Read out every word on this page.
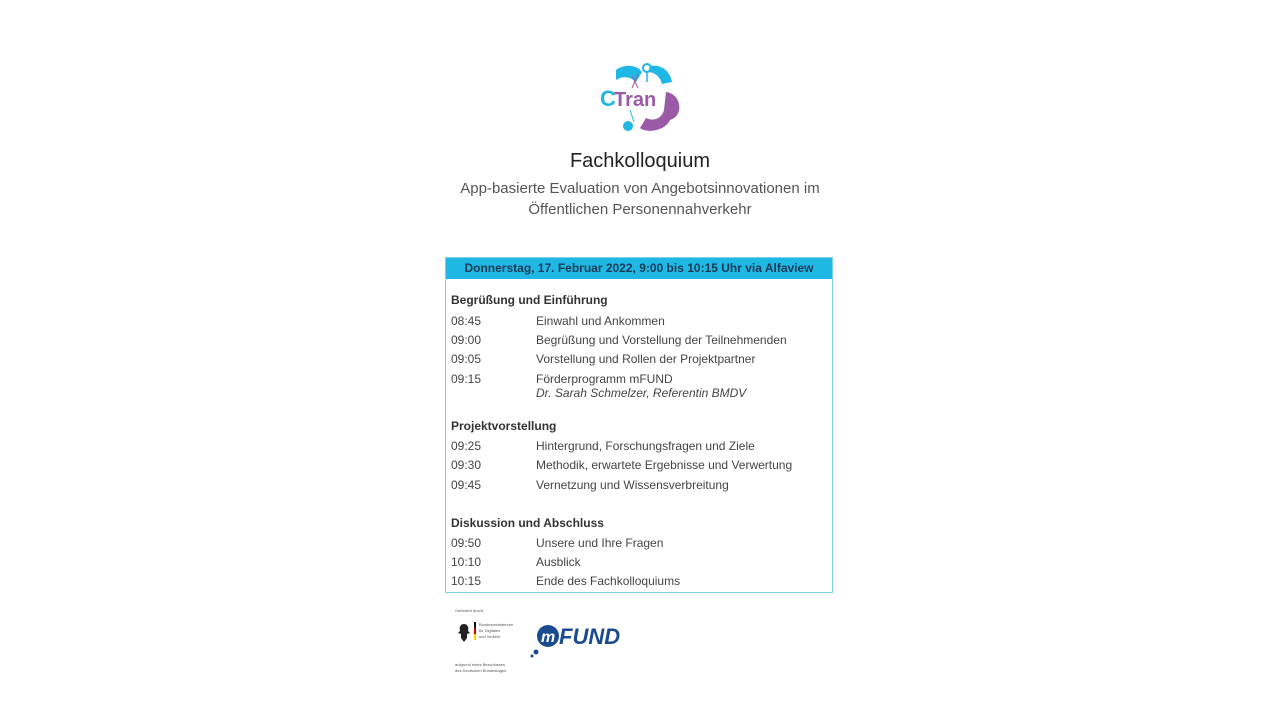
C
Tran
Fachkolloquium
App-basierte Evaluation von Angebotsinnovationen im
Öffentlichen Personennahverkehr
Donnerstag, 17. Februar 2022, 9:00 bis 10:15 Uhr via Alfaview
Begrüßung und Einführung
08:45	Einwahl und Ankommen
09:00	Begrüßung und Vorstellung der Teilnehmenden
09:05	Vorstellung und Rollen der Projektpartner
09:15	Förderprogramm mFUND
Dr. Sarah Schmelzer, Referentin BMDV
Projektvorstellung
09:25	Hintergrund, Forschungsfragen und Ziele
09:30	Methodik, erwartete Ergebnisse und Verwertung
09:45	Vernetzung und Wissensverbreitung
Diskussion und Abschluss
09:50	Unsere und Ihre Fragen
10:10	Ausblick
10:15	Ende des Fachkolloquiums
Gefördert durch:
Bundesministerium
für Digitales
und Verkehr
aufgrund eines Beschlusses
des Deutschen Bundestages
m FUND
